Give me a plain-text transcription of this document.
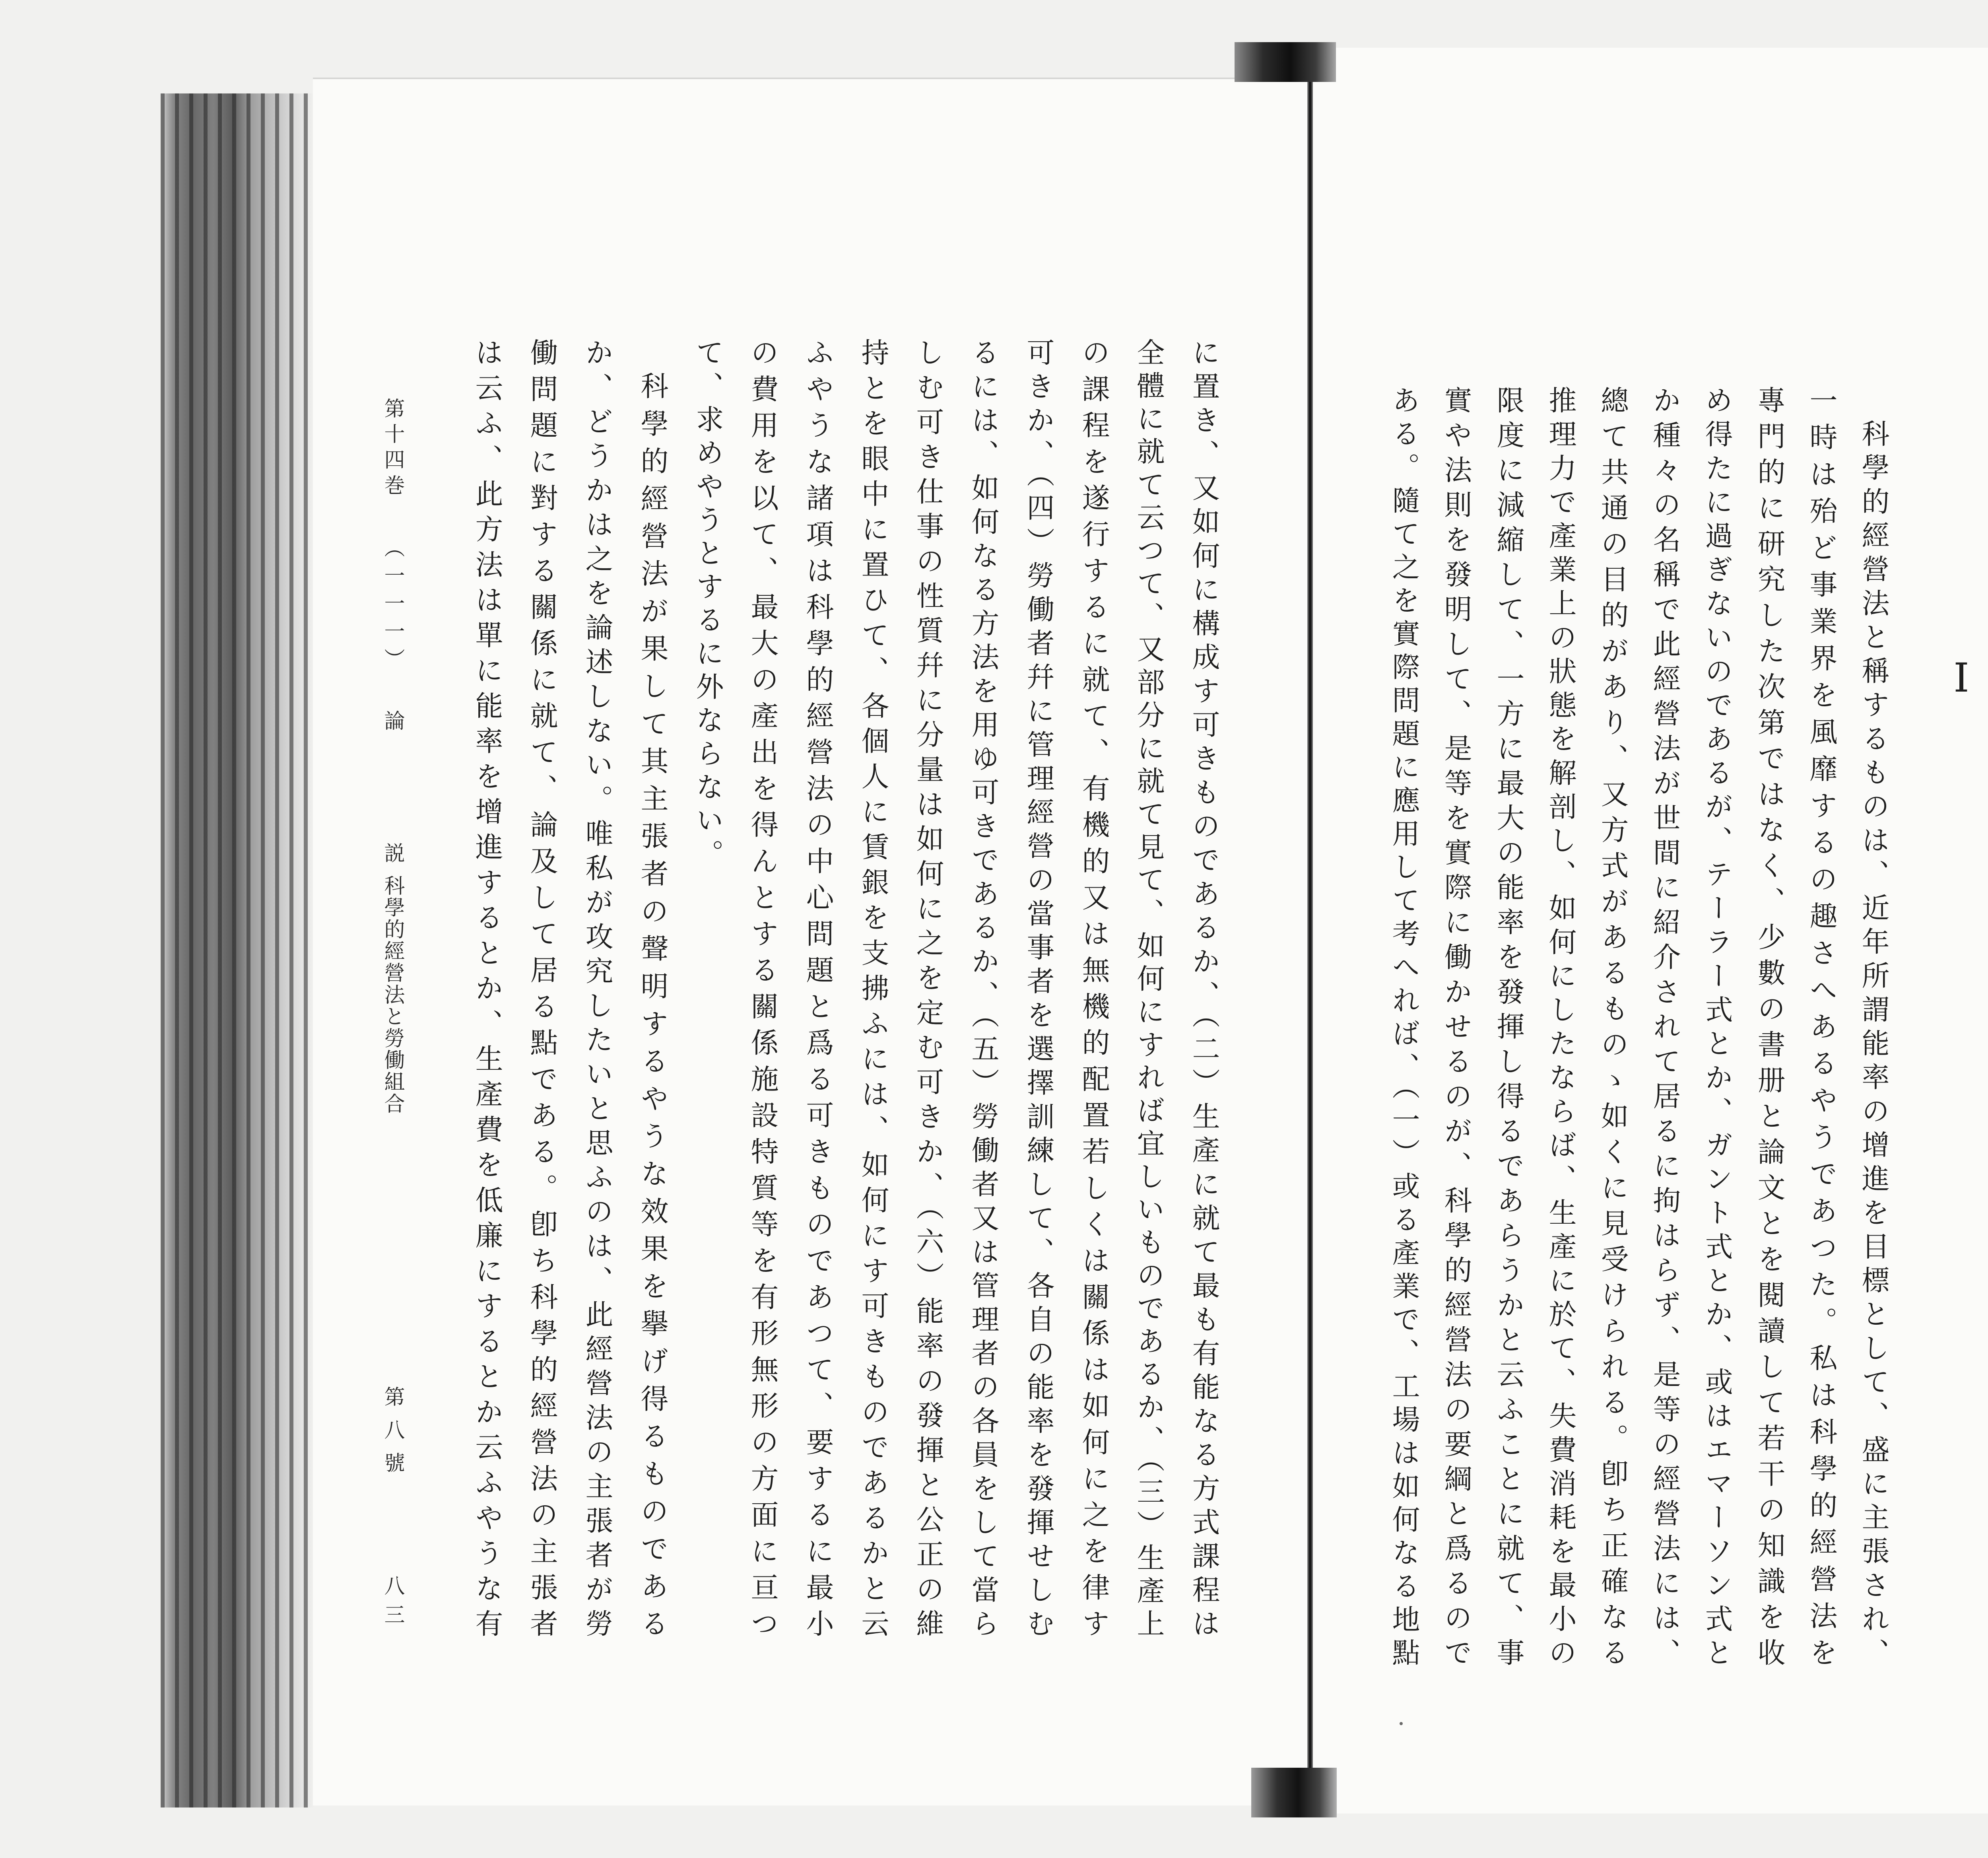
I

科學的經營法と稱するものは、近年所謂能率の增進を目標として、盛に主張され、

一時は殆ど事業界を風靡するの趣さへあるやうであつた。私は科學的經營法を

專門的に研究した次第ではなく、少數の書册と論文とを閱讀して若干の知識を收

め得たに過ぎないのであるが、テーラー式とか、ガント式とか、或はエマーソン式と

か種々の名稱で此經營法が世間に紹介されて居るに拘はらず、是等の經營法には、

總て共通の目的があり、又方式があるものゝ如くに見受けられる。卽ち正確なる

推理力で產業上の狀態を解剖し、如何にしたならば、生產に於て、失費消耗を最小の

限度に減縮して、一方に最大の能率を發揮し得るであらうかと云ふことに就て、事

實や法則を發明して、是等を實際に働かせるのが、科學的經營法の要綱と爲るので

ある。隨て之を實際問題に應用して考へれば、（一）或る產業で、工場は如何なる地點

に置き、又如何に構成す可きものであるか、（二）生產に就て最も有能なる方式課程は

全體に就て云つて、又部分に就て見て、如何にすれば宜しいものであるか、（三）生產上

の課程を遂行するに就て、有機的又は無機的配置若しくは關係は如何に之を律す

可きか、（四）勞働者幷に管理經營の當事者を選擇訓練して、各自の能率を發揮せしむ

るには、如何なる方法を用ゆ可きであるか、（五）勞働者又は管理者の各員をして當ら

しむ可き仕事の性質幷に分量は如何に之を定む可きか、（六）能率の發揮と公正の維

持とを眼中に置ひて、各個人に賃銀を支拂ふには、如何にす可きものであるかと云

ふやうな諸項は科學的經營法の中心問題と爲る可きものであつて、要するに最小

の費用を以て、最大の產出を得んとする關係施設特質等を有形無形の方面に亘つ

て、求めやうとするに外ならない。

科學的經營法が果して其主張者の聲明するやうな效果を擧げ得るものである

か、どうかは之を論述しない。唯私が攻究したいと思ふのは、此經營法の主張者が勞

働問題に對する關係に就て、論及して居る點である。卽ち科學的經營法の主張者

は云ふ、此方法は單に能率を增進するとか、生產費を低廉にするとか云ふやうな有

第十四巻
（一一一）
論説
科學的經營法と勞働組合
第八號
八三
